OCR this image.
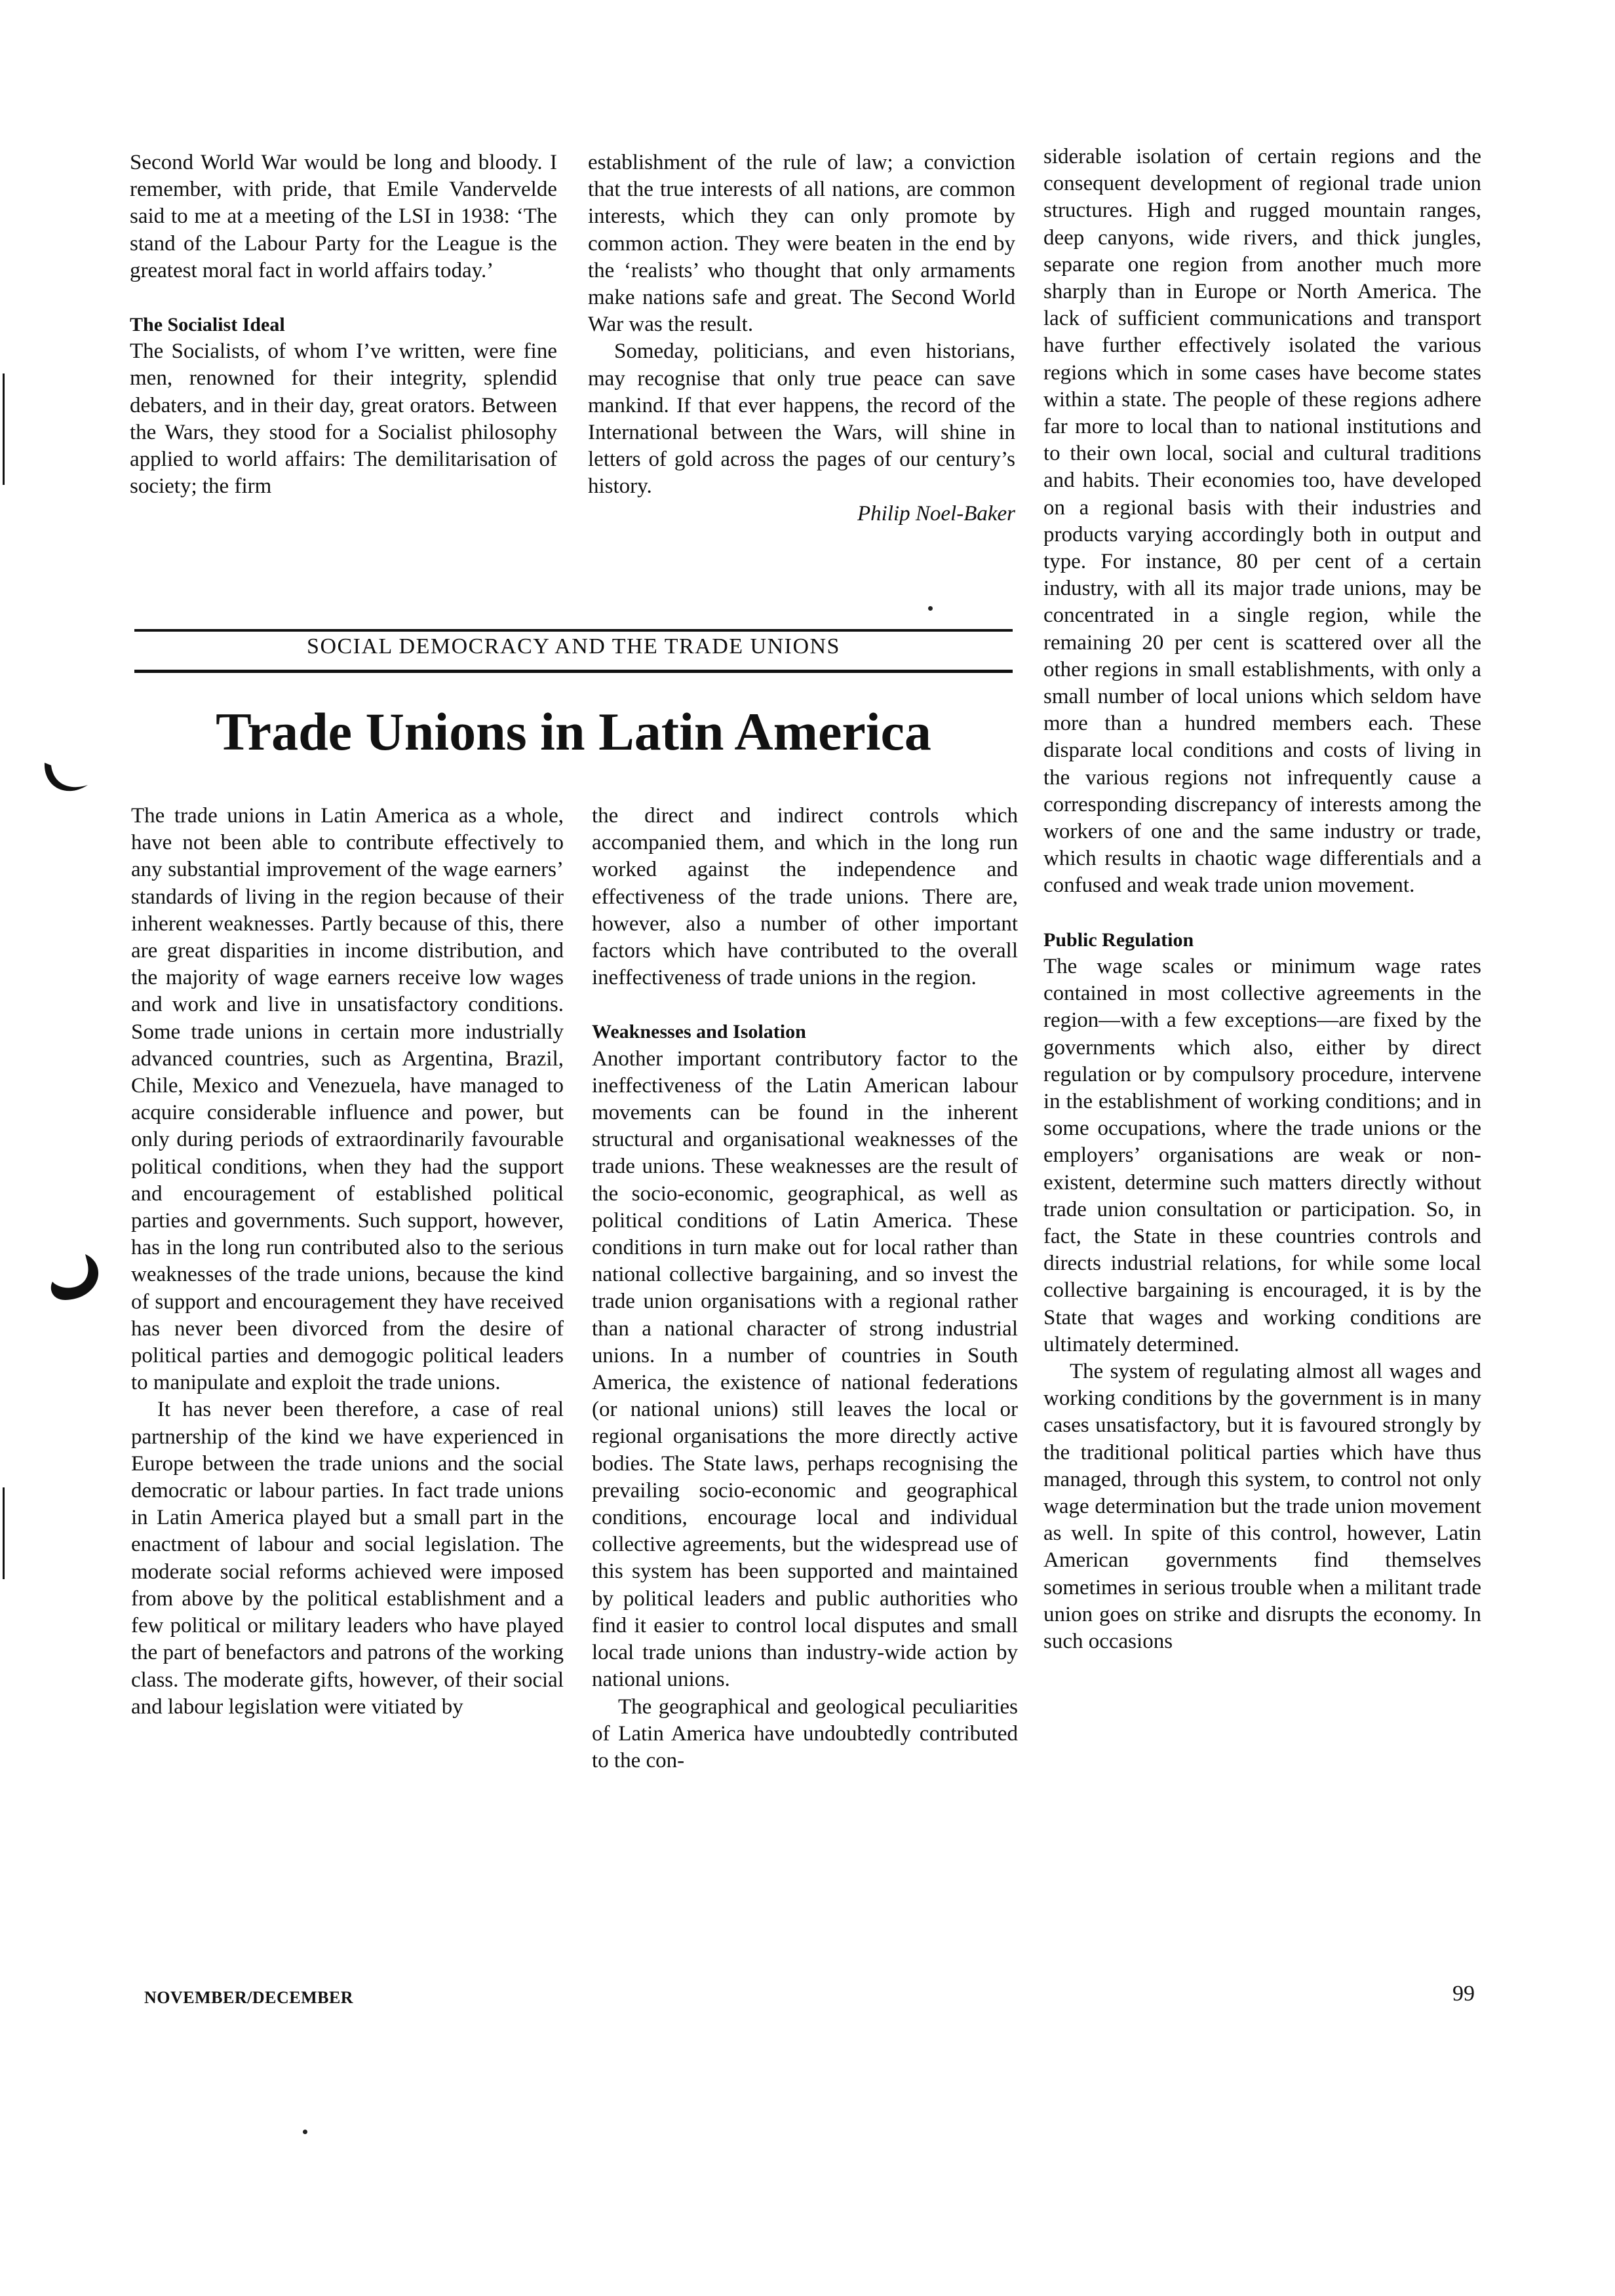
Second World War would be long and bloody. I remember, with pride, that Emile Vandervelde said to me at a meeting of the LSI in 1938: ‘The stand of the Labour Party for the League is the greatest moral fact in world affairs today.’

The Socialist Ideal

The Socialists, of whom I’ve written, were fine men, renowned for their integrity, splendid debaters, and in their day, great orators. Between the Wars, they stood for a Socialist philosophy applied to world affairs: The demilitarisation of society; the firm

establishment of the rule of law; a conviction that the true interests of all nations, are common interests, which they can only promote by common action. They were beaten in the end by the ‘realists’ who thought that only armaments make nations safe and great. The Second World War was the result.

Someday, politicians, and even historians, may recognise that only true peace can save mankind. If that ever happens, the record of the International between the Wars, will shine in letters of gold across the pages of our century’s history.

Philip Noel-Baker

SOCIAL DEMOCRACY AND THE TRADE UNIONS
Trade Unions in Latin America

The trade unions in Latin America as a whole, have not been able to contribute effectively to any substantial improvement of the wage earners’ standards of living in the region because of their inherent weaknesses. Partly because of this, there are great disparities in income distribution, and the majority of wage earners receive low wages and work and live in unsatisfactory conditions. Some trade unions in certain more industrially advanced countries, such as Argentina, Brazil, Chile, Mexico and Venezuela, have managed to acquire considerable influence and power, but only during periods of extraordinarily favourable political conditions, when they had the support and encouragement of established political parties and governments. Such support, however, has in the long run contributed also to the serious weaknesses of the trade unions, because the kind of support and encouragement they have received has never been divorced from the desire of political parties and demogogic political leaders to manipulate and exploit the trade unions.

It has never been therefore, a case of real partnership of the kind we have experienced in Europe between the trade unions and the social democratic or labour parties. In fact trade unions in Latin America played but a small part in the enactment of labour and social legislation. The moderate social reforms achieved were imposed from above by the political establishment and a few political or military leaders who have played the part of benefactors and patrons of the working class. The moderate gifts, however, of their social and labour legislation were vitiated by

the direct and indirect controls which accompanied them, and which in the long run worked against the independence and effectiveness of the trade unions. There are, however, also a number of other important factors which have contributed to the overall ineffectiveness of trade unions in the region.

Weaknesses and Isolation

Another important contributory factor to the ineffectiveness of the Latin American labour movements can be found in the inherent structural and organisational weaknesses of the trade unions. These weaknesses are the result of the socio-economic, geographical, as well as political conditions of Latin America. These conditions in turn make out for local rather than national collective bargaining, and so invest the trade union organisations with a regional rather than a national character of strong industrial unions. In a number of countries in South America, the existence of national federations (or national unions) still leaves the local or regional organisations the more directly active bodies. The State laws, perhaps recognising the prevailing socio-economic and geographical conditions, encourage local and individual collective agreements, but the widespread use of this system has been supported and maintained by political leaders and public authorities who find it easier to control local disputes and small local trade unions than industry-wide action by national unions.

The geographical and geological peculiarities of Latin America have undoubtedly contributed to the con-

siderable isolation of certain regions and the consequent development of regional trade union structures. High and rugged mountain ranges, deep canyons, wide rivers, and thick jungles, separate one region from another much more sharply than in Europe or North America. The lack of sufficient communications and transport have further effectively isolated the various regions which in some cases have become states within a state. The people of these regions adhere far more to local than to national institutions and to their own local, social and cultural traditions and habits. Their economies too, have developed on a regional basis with their industries and products varying accordingly both in output and type. For instance, 80 per cent of a certain industry, with all its major trade unions, may be concentrated in a single region, while the remaining 20 per cent is scattered over all the other regions in small establishments, with only a small number of local unions which seldom have more than a hundred members each. These disparate local conditions and costs of living in the various regions not infrequently cause a corresponding discrepancy of interests among the workers of one and the same industry or trade, which results in chaotic wage differentials and a confused and weak trade union movement.

Public Regulation

The wage scales or minimum wage rates contained in most collective agreements in the region—with a few exceptions—are fixed by the governments which also, either by direct regulation or by compulsory procedure, intervene in the establishment of working conditions; and in some occupations, where the trade unions or the employers’ organisations are weak or non-existent, determine such matters directly without trade union consultation or participation. So, in fact, the State in these countries controls and directs industrial relations, for while some local collective bargaining is encouraged, it is by the State that wages and working conditions are ultimately determined.

The system of regulating almost all wages and working conditions by the government is in many cases unsatisfactory, but it is favoured strongly by the traditional political parties which have thus managed, through this system, to control not only wage determination but the trade union movement as well. In spite of this control, however, Latin American governments find themselves sometimes in serious trouble when a militant trade union goes on strike and disrupts the economy. In such occasions

NOVEMBER/DECEMBER	99
